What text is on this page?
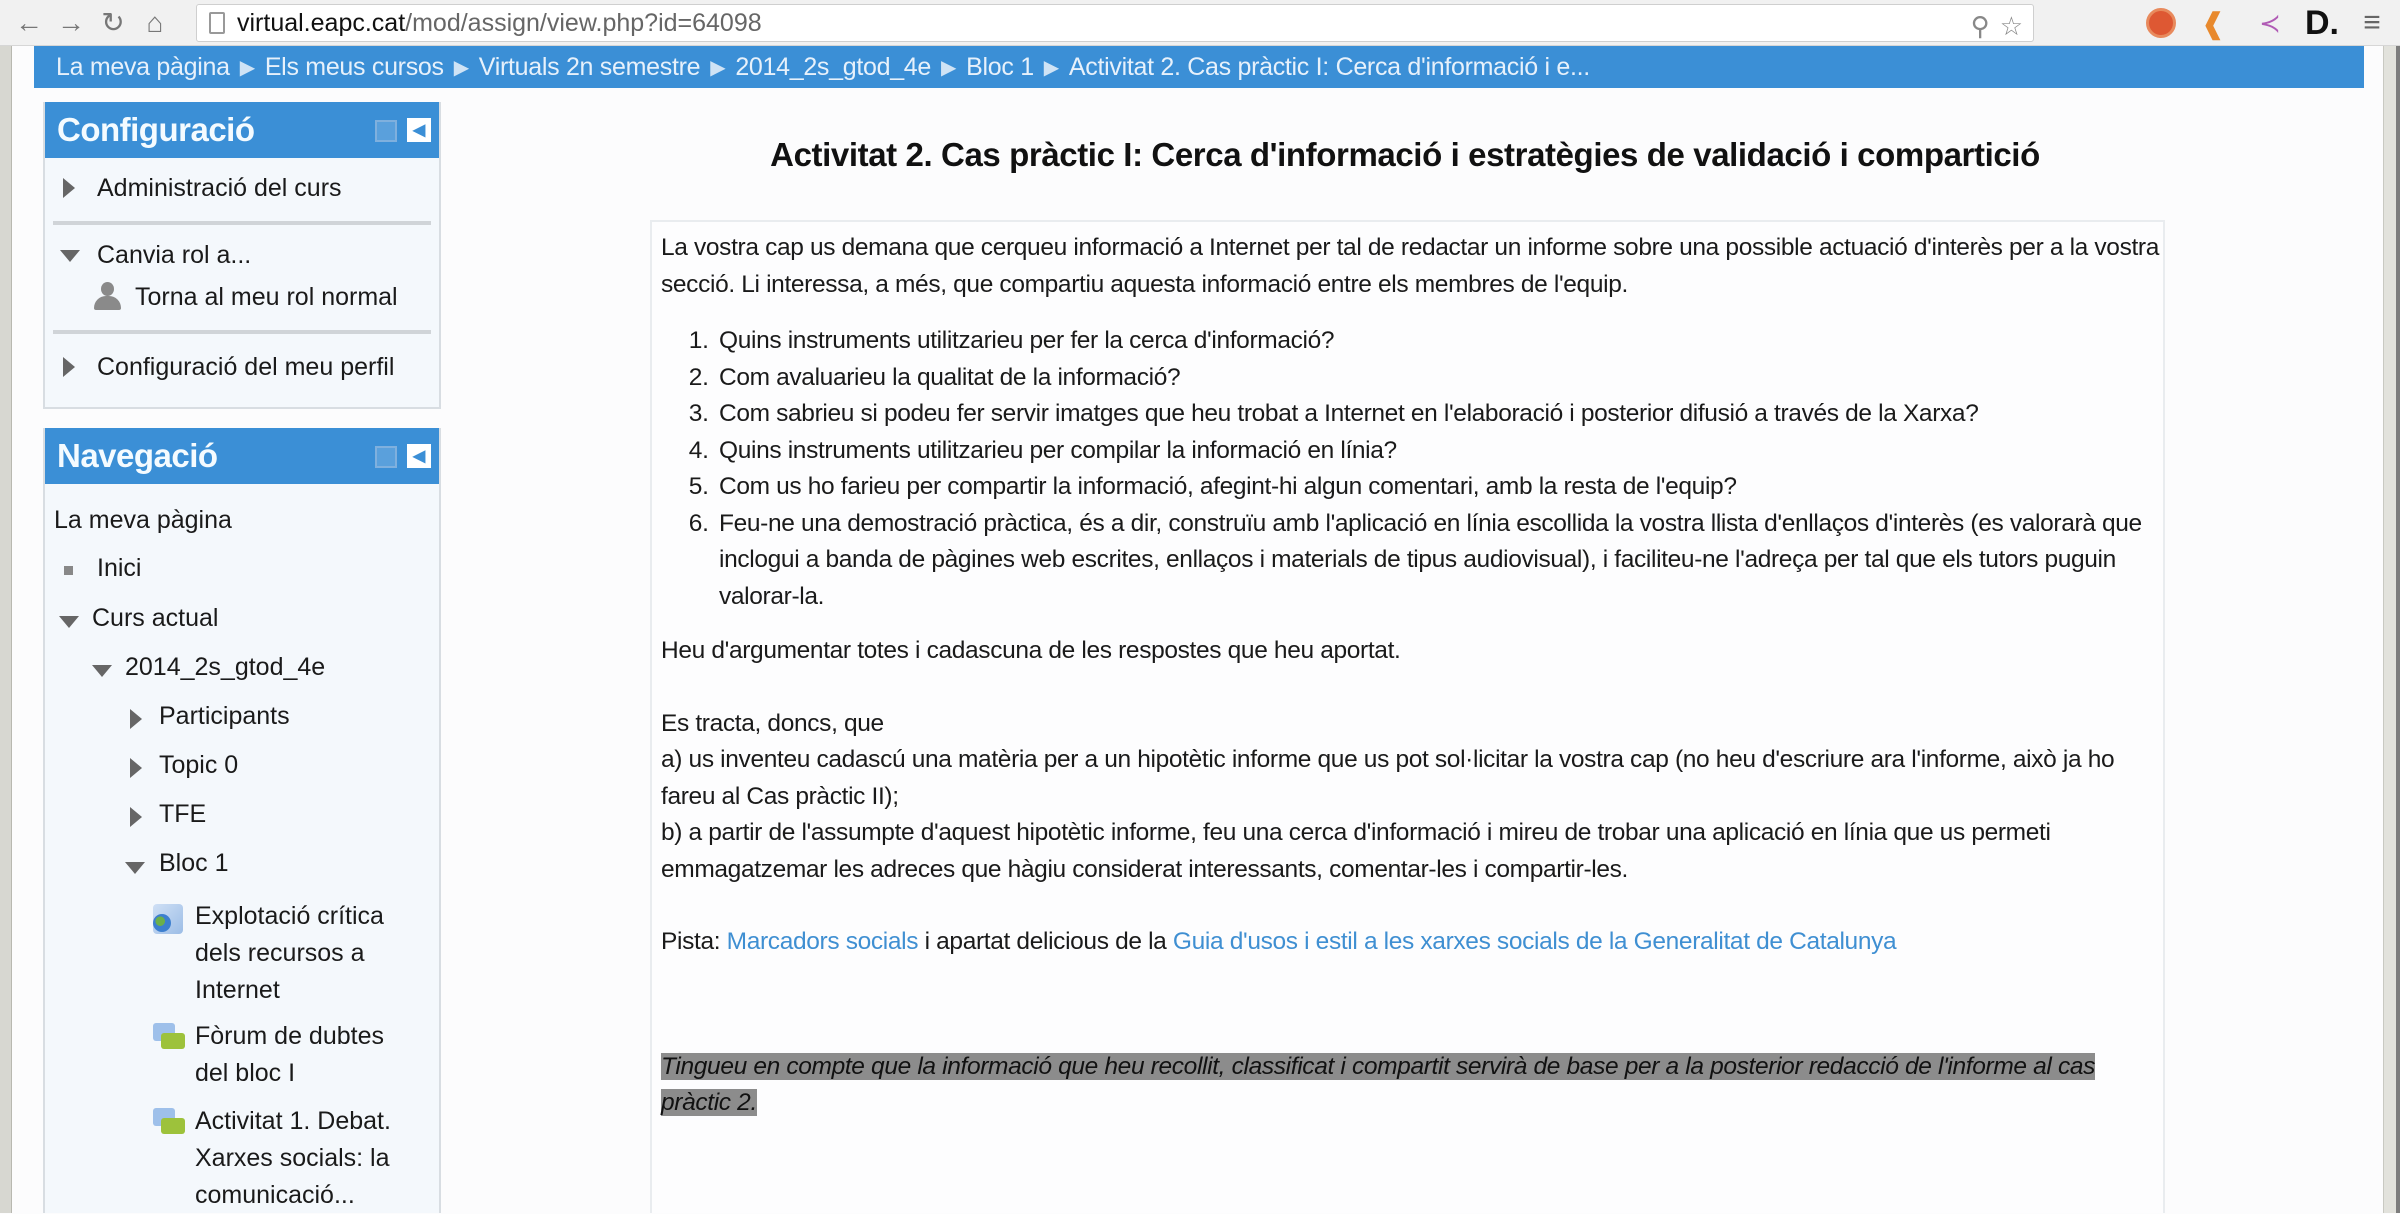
← → ↻ ⌂	virtual.eapc.cat /mod/assign/view.php?id=64098	⚲ ☆	❰	≺ D. ≡
La meva pàgina ▶ Els meus cursos ▶ Virtuals 2n semestre ▶ 2014_2s_gtod_4e ▶ Bloc 1 ▶ Activitat 2. Cas pràctic I: Cerca d'informació i e...
Configuració	◀
Administració del curs
Canvia rol a...
Torna al meu rol normal
Configuració del meu perfil
Navegació	◀
La meva pàgina
Inici
Curs actual
2014_2s_gtod_4e
Participants
Topic 0
TFE
Bloc 1
Explotació crítica
dels recursos a
Internet
Fòrum de dubtes
del bloc I
Activitat 1. Debat.
Xarxes socials: la
comunicació...
Activitat 2. Cas pràctic I: Cerca d'informació i estratègies de validació i compartició

La vostra cap us demana que cerqueu informació a Internet per tal de redactar un informe sobre una possible actuació d'interès per a la vostra secció. Li interessa, a més, que compartiu aquesta informació entre els membres de l'equip.

1. Quins instruments utilitzarieu per fer la cerca d'informació?
2. Com avaluarieu la qualitat de la informació?
3. Com sabrieu si podeu fer servir imatges que heu trobat a Internet en l'elaboració i posterior difusió a través de la Xarxa?
4. Quins instruments utilitzarieu per compilar la informació en línia?
5. Com us ho farieu per compartir la informació, afegint-hi algun comentari, amb la resta de l'equip?
6. Feu-ne una demostració pràctica, és a dir, construïu amb l'aplicació en línia escollida la vostra llista d'enllaços d'interès (es valorarà que inclogui a banda de pàgines web escrites, enllaços i materials de tipus audiovisual), i faciliteu-ne l'adreça per tal que els tutors puguin valorar-la.

Heu d'argumentar totes i cadascuna de les respostes que heu aportat.

Es tracta, doncs, que

a) us inventeu cadascú una matèria per a un hipotètic informe que us pot sol·licitar la vostra cap (no heu d'escriure ara l'informe, això ja ho fareu al Cas pràctic II);

b) a partir de l'assumpte d'aquest hipotètic informe, feu una cerca d'informació i mireu de trobar una aplicació en línia que us permeti emmagatzemar les adreces que hàgiu considerat interessants, comentar-les i compartir-les.

Pista: Marcadors socials i apartat delicious de la Guia d'usos i estil a les xarxes socials de la Generalitat de Catalunya

Tingueu en compte que la informació que heu recollit, classificat i compartit servirà de base per a la posterior redacció de l'informe al cas pràctic 2.
